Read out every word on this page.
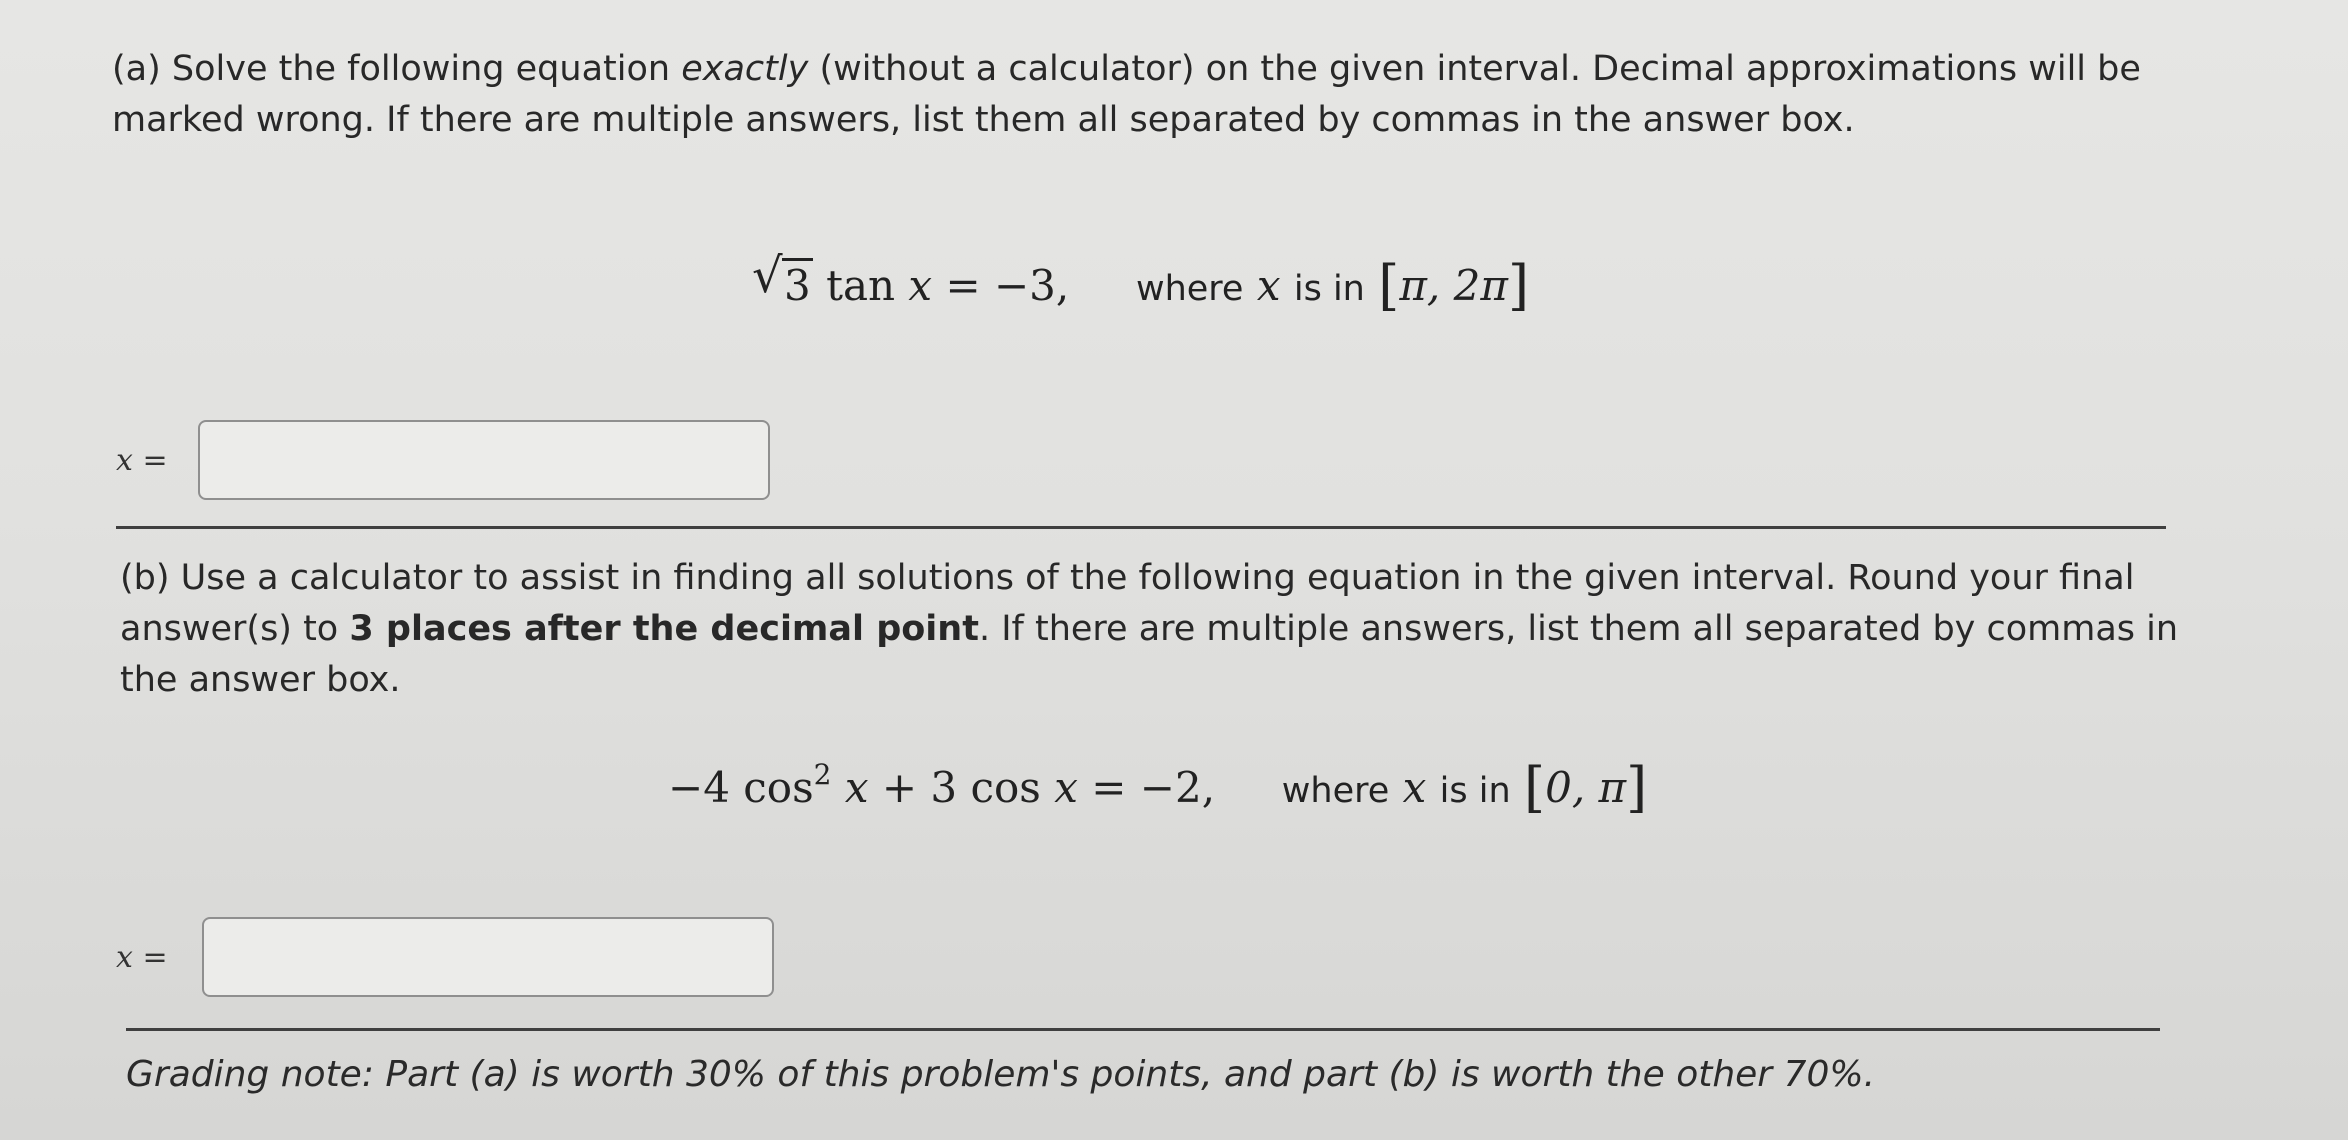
(a) Solve the following equation exactly (without a calculator) on the given interval. Decimal approximations will be marked wrong. If there are multiple answers, list them all separated by commas in the answer box.

√ 3 tan x = −3, where x is in [π, 2π]
x =

(b) Use a calculator to assist in finding all solutions of the following equation in the given interval. Round your final answer(s) to 3 places after the decimal point. If there are multiple answers, list them all separated by commas in the answer box.

−4 $\cos^2 x + 3$ cos x = −2, where x is in [0, π]
x =

Grading note: Part (a) is worth 30% of this problem's points, and part (b) is worth the other 70%.
